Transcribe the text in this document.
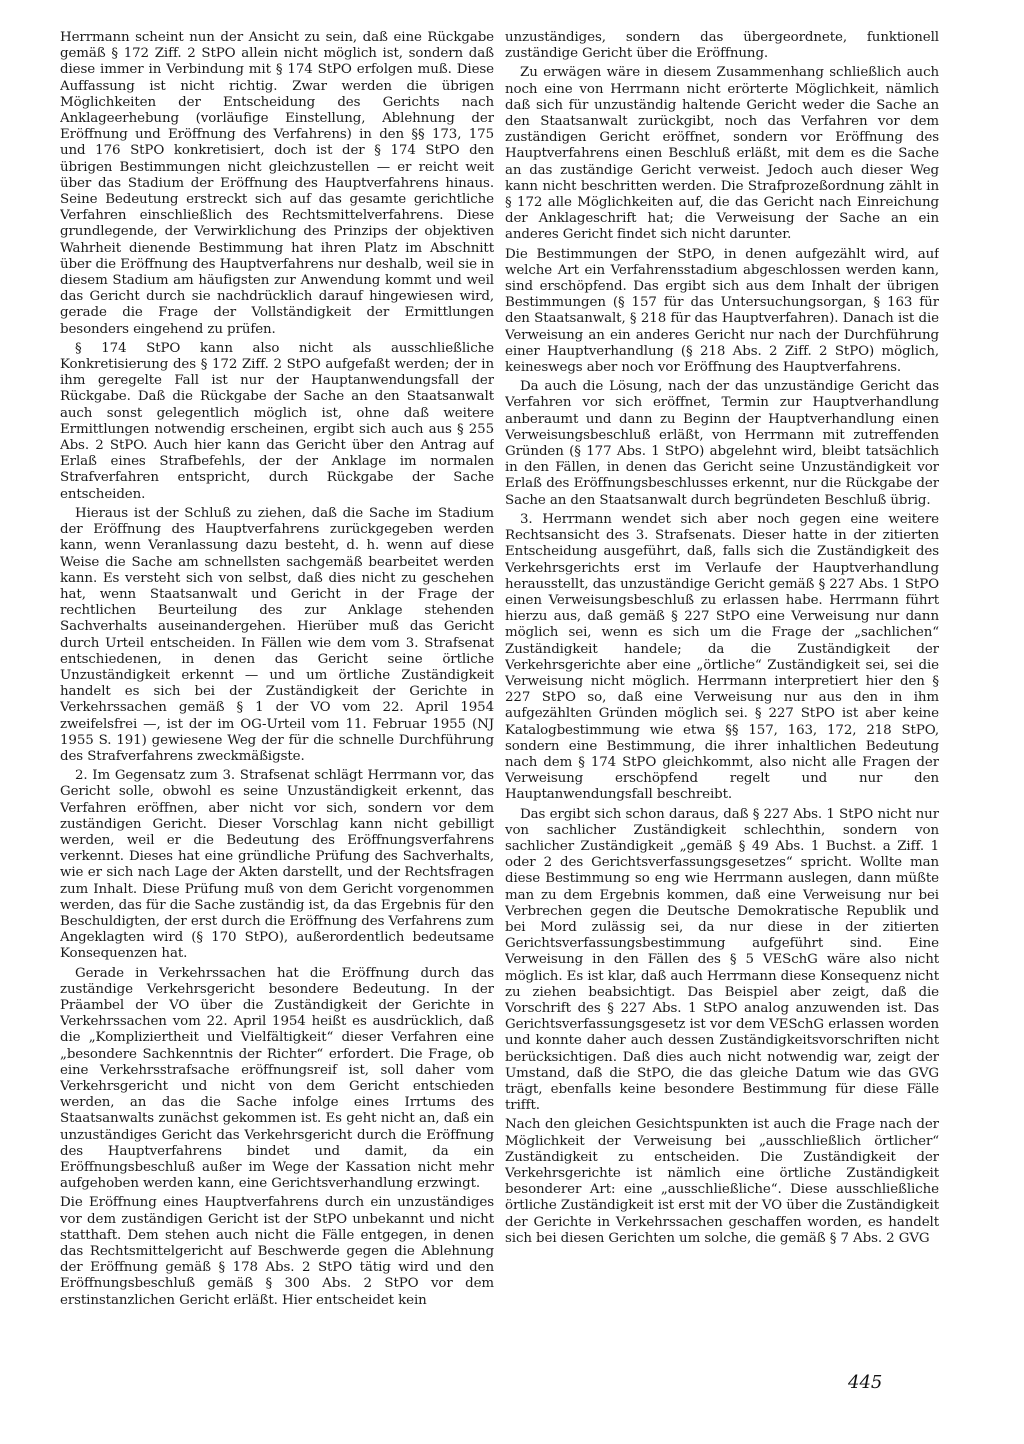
Herrmann scheint nun der Ansicht zu sein, daß eine Rückgabe gemäß § 172 Ziff. 2 StPO allein nicht möglich ist, sondern daß diese immer in Verbindung mit § 174 StPO erfolgen muß. Diese Auffassung ist nicht richtig. Zwar werden die übrigen Möglichkeiten der Entscheidung des Gerichts nach Anklageerhebung (vorläufige Einstellung, Ablehnung der Eröffnung und Eröffnung des Verfahrens) in den §§ 173, 175 und 176 StPO konkretisiert, doch ist der § 174 StPO den übrigen Bestimmungen nicht gleichzustellen — er reicht weit über das Stadium der Eröffnung des Hauptverfahrens hinaus. Seine Bedeutung erstreckt sich auf das gesamte gerichtliche Verfahren einschließlich des Rechtsmittelverfahrens. Diese grundlegende, der Verwirklichung des Prinzips der objektiven Wahrheit dienende Bestimmung hat ihren Platz im Abschnitt über die Eröffnung des Hauptverfahrens nur deshalb, weil sie in diesem Stadium am häufigsten zur Anwendung kommt und weil das Gericht durch sie nachdrücklich darauf hingewiesen wird, gerade die Frage der Vollständigkeit der Ermittlungen besonders eingehend zu prüfen.

§ 174 StPO kann also nicht als ausschließliche Konkretisierung des § 172 Ziff. 2 StPO aufgefaßt werden; der in ihm geregelte Fall ist nur der Hauptanwendungsfall der Rückgabe. Daß die Rückgabe der Sache an den Staatsanwalt auch sonst gelegentlich möglich ist, ohne daß weitere Ermittlungen notwendig erscheinen, ergibt sich auch aus § 255 Abs. 2 StPO. Auch hier kann das Gericht über den Antrag auf Erlaß eines Strafbefehls, der der Anklage im normalen Strafverfahren entspricht, durch Rückgabe der Sache entscheiden.

Hieraus ist der Schluß zu ziehen, daß die Sache im Stadium der Eröffnung des Hauptverfahrens zurückgegeben werden kann, wenn Veranlassung dazu besteht, d. h. wenn auf diese Weise die Sache am schnellsten sachgemäß bearbeitet werden kann. Es versteht sich von selbst, daß dies nicht zu geschehen hat, wenn Staatsanwalt und Gericht in der Frage der rechtlichen Beurteilung des zur Anklage stehenden Sachverhalts auseinandergehen. Hierüber muß das Gericht durch Urteil entscheiden. In Fällen wie dem vom 3. Strafsenat entschiedenen, in denen das Gericht seine örtliche Unzuständigkeit erkennt — und um örtliche Zuständigkeit handelt es sich bei der Zuständigkeit der Gerichte in Verkehrssachen gemäß § 1 der VO vom 22. April 1954 zweifelsfrei —, ist der im OG-Urteil vom 11. Februar 1955 (NJ 1955 S. 191) gewiesene Weg der für die schnelle Durchführung des Strafverfahrens zweckmäßigste.

2. Im Gegensatz zum 3. Strafsenat schlägt Herrmann vor, das Gericht solle, obwohl es seine Unzuständigkeit erkennt, das Verfahren eröffnen, aber nicht vor sich, sondern vor dem zuständigen Gericht. Dieser Vorschlag kann nicht gebilligt werden, weil er die Bedeutung des Eröffnungsverfahrens verkennt. Dieses hat eine gründliche Prüfung des Sachverhalts, wie er sich nach Lage der Akten darstellt, und der Rechtsfragen zum Inhalt. Diese Prüfung muß von dem Gericht vorgenommen werden, das für die Sache zuständig ist, da das Ergebnis für den Beschuldigten, der erst durch die Eröffnung des Verfahrens zum Angeklagten wird (§ 170 StPO), außerordentlich bedeutsame Konsequenzen hat.

Gerade in Verkehrssachen hat die Eröffnung durch das zuständige Verkehrsgericht besondere Bedeutung. In der Präambel der VO über die Zuständigkeit der Gerichte in Verkehrssachen vom 22. April 1954 heißt es ausdrücklich, daß die „Kompliziertheit und Vielfältigkeit“ dieser Verfahren eine „besondere Sachkenntnis der Richter“ erfordert. Die Frage, ob eine Verkehrsstrafsache eröffnungsreif ist, soll daher vom Verkehrsgericht und nicht von dem Gericht entschieden werden, an das die Sache infolge eines Irrtums des Staatsanwalts zunächst gekommen ist. Es geht nicht an, daß ein unzuständiges Gericht das Verkehrsgericht durch die Eröffnung des Hauptverfahrens bindet und damit, da ein Eröffnungsbeschluß außer im Wege der Kassation nicht mehr aufgehoben werden kann, eine Gerichtsverhandlung erzwingt.

Die Eröffnung eines Hauptverfahrens durch ein unzuständiges vor dem zuständigen Gericht ist der StPO unbekannt und nicht statthaft. Dem stehen auch nicht die Fälle entgegen, in denen das Rechtsmittelgericht auf Beschwerde gegen die Ablehnung der Eröffnung gemäß § 178 Abs. 2 StPO tätig wird und den Eröffnungsbeschluß gemäß § 300 Abs. 2 StPO vor dem erstinstanzlichen Gericht erläßt. Hier entscheidet kein

unzuständiges, sondern das übergeordnete, funktionell zuständige Gericht über die Eröffnung.

Zu erwägen wäre in diesem Zusammenhang schließlich auch noch eine von Herrmann nicht erörterte Möglichkeit, nämlich daß sich für unzuständig haltende Gericht weder die Sache an den Staatsanwalt zurückgibt, noch das Verfahren vor dem zuständigen Gericht eröffnet, sondern vor Eröffnung des Hauptverfahrens einen Beschluß erläßt, mit dem es die Sache an das zuständige Gericht verweist. Jedoch auch dieser Weg kann nicht beschritten werden. Die Strafprozeßordnung zählt in § 172 alle Möglichkeiten auf, die das Gericht nach Einreichung der Anklageschrift hat; die Verweisung der Sache an ein anderes Gericht findet sich nicht darunter.

Die Bestimmungen der StPO, in denen aufgezählt wird, auf welche Art ein Verfahrensstadium abgeschlossen werden kann, sind erschöpfend. Das ergibt sich aus dem Inhalt der übrigen Bestimmungen (§ 157 für das Untersuchungsorgan, § 163 für den Staatsanwalt, § 218 für das Hauptverfahren). Danach ist die Verweisung an ein anderes Gericht nur nach der Durchführung einer Hauptverhandlung (§ 218 Abs. 2 Ziff. 2 StPO) möglich, keineswegs aber noch vor Eröffnung des Hauptverfahrens.

Da auch die Lösung, nach der das unzuständige Gericht das Verfahren vor sich eröffnet, Termin zur Hauptverhandlung anberaumt und dann zu Beginn der Hauptverhandlung einen Verweisungsbeschluß erläßt, von Herrmann mit zutreffenden Gründen (§ 177 Abs. 1 StPO) abgelehnt wird, bleibt tatsächlich in den Fällen, in denen das Gericht seine Unzuständigkeit vor Erlaß des Eröffnungsbeschlusses erkennt, nur die Rückgabe der Sache an den Staatsanwalt durch begründeten Beschluß übrig.

3. Herrmann wendet sich aber noch gegen eine weitere Rechtsansicht des 3. Strafsenats. Dieser hatte in der zitierten Entscheidung ausgeführt, daß, falls sich die Zuständigkeit des Verkehrsgerichts erst im Verlaufe der Hauptverhandlung herausstellt, das unzuständige Gericht gemäß § 227 Abs. 1 StPO einen Verweisungsbeschluß zu erlassen habe. Herrmann führt hierzu aus, daß gemäß § 227 StPO eine Verweisung nur dann möglich sei, wenn es sich um die Frage der „sachlichen“ Zuständigkeit handele; da die Zuständigkeit der Verkehrsgerichte aber eine „örtliche“ Zuständigkeit sei, sei die Verweisung nicht möglich. Herrmann interpretiert hier den § 227 StPO so, daß eine Verweisung nur aus den in ihm aufgezählten Gründen möglich sei. § 227 StPO ist aber keine Katalogbestimmung wie etwa §§ 157, 163, 172, 218 StPO, sondern eine Bestimmung, die ihrer inhaltlichen Bedeutung nach dem § 174 StPO gleichkommt, also nicht alle Fragen der Verweisung erschöpfend regelt und nur den Hauptanwendungsfall beschreibt.

Das ergibt sich schon daraus, daß § 227 Abs. 1 StPO nicht nur von sachlicher Zuständigkeit schlechthin, sondern von sachlicher Zuständigkeit „gemäß § 49 Abs. 1 Buchst. a Ziff. 1 oder 2 des Gerichtsverfassungsgesetzes“ spricht. Wollte man diese Bestimmung so eng wie Herrmann auslegen, dann müßte man zu dem Ergebnis kommen, daß eine Verweisung nur bei Verbrechen gegen die Deutsche Demokratische Republik und bei Mord zulässig sei, da nur diese in der zitierten Gerichtsverfassungsbestimmung aufgeführt sind. Eine Verweisung in den Fällen des § 5 VESchG wäre also nicht möglich. Es ist klar, daß auch Herrmann diese Konsequenz nicht zu ziehen beabsichtigt. Das Beispiel aber zeigt, daß die Vorschrift des § 227 Abs. 1 StPO analog anzuwenden ist. Das Gerichtsverfassungsgesetz ist vor dem VESchG erlassen worden und konnte daher auch dessen Zuständigkeitsvorschriften nicht berücksichtigen. Daß dies auch nicht notwendig war, zeigt der Umstand, daß die StPO, die das gleiche Datum wie das GVG trägt, ebenfalls keine besondere Bestimmung für diese Fälle trifft.

Nach den gleichen Gesichtspunkten ist auch die Frage nach der Möglichkeit der Verweisung bei „ausschließlich örtlicher“ Zuständigkeit zu entscheiden. Die Zuständigkeit der Verkehrsgerichte ist nämlich eine örtliche Zuständigkeit besonderer Art: eine „ausschließliche“. Diese ausschließliche örtliche Zuständigkeit ist erst mit der VO über die Zuständigkeit der Gerichte in Verkehrssachen geschaffen worden, es handelt sich bei diesen Gerichten um solche, die gemäß § 7 Abs. 2 GVG

445
